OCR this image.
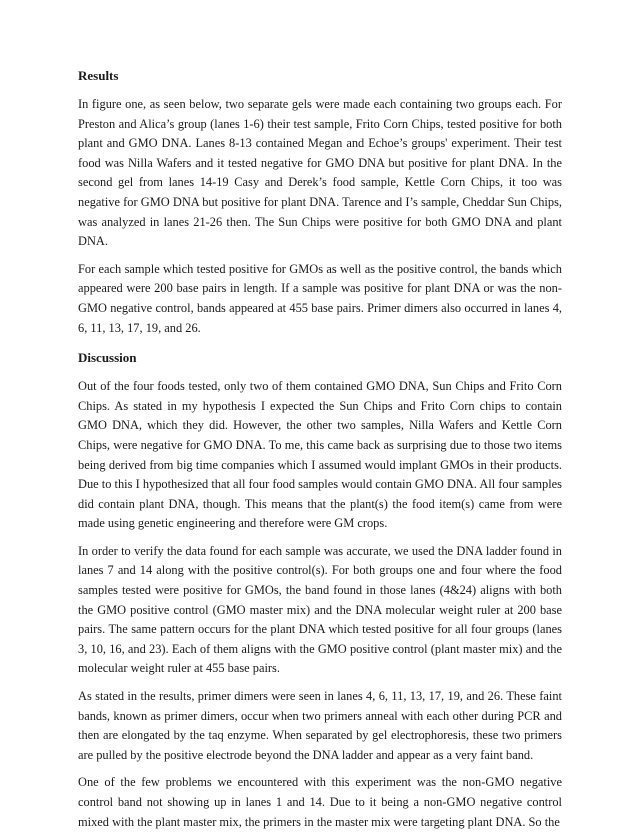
Results

In figure one, as seen below, two separate gels were made each containing two groups each. For Preston and Alica’s group (lanes 1-6) their test sample, Frito Corn Chips, tested positive for both plant and GMO DNA. Lanes 8-13 contained Megan and Echoe’s groups' experiment. Their test food was Nilla Wafers and it tested negative for GMO DNA but positive for plant DNA. In the second gel from lanes 14-19 Casy and Derek’s food sample, Kettle Corn Chips, it too was negative for GMO DNA but positive for plant DNA. Tarence and I’s sample, Cheddar Sun Chips, was analyzed in lanes 21-26 then. The Sun Chips were positive for both GMO DNA and plant DNA.

For each sample which tested positive for GMOs as well as the positive control, the bands which appeared were 200 base pairs in length. If a sample was positive for plant DNA or was the non-GMO negative control, bands appeared at 455 base pairs. Primer dimers also occurred in lanes 4, 6, 11, 13, 17, 19, and 26.

Discussion

Out of the four foods tested, only two of them contained GMO DNA, Sun Chips and Frito Corn Chips. As stated in my hypothesis I expected the Sun Chips and Frito Corn chips to contain GMO DNA, which they did. However, the other two samples, Nilla Wafers and Kettle Corn Chips, were negative for GMO DNA. To me, this came back as surprising due to those two items being derived from big time companies which I assumed would implant GMOs in their products. Due to this I hypothesized that all four food samples would contain GMO DNA. All four samples did contain plant DNA, though. This means that the plant(s) the food item(s) came from were made using genetic engineering and therefore were GM crops.

In order to verify the data found for each sample was accurate, we used the DNA ladder found in lanes 7 and 14 along with the positive control(s). For both groups one and four where the food samples tested were positive for GMOs, the band found in those lanes (4&24) aligns with both the GMO positive control (GMO master mix) and the DNA molecular weight ruler at 200 base pairs. The same pattern occurs for the plant DNA which tested positive for all four groups (lanes 3, 10, 16, and 23). Each of them aligns with the GMO positive control (plant master mix) and the molecular weight ruler at 455 base pairs.

As stated in the results, primer dimers were seen in lanes 4, 6, 11, 13, 17, 19, and 26. These faint bands, known as primer dimers, occur when two primers anneal with each other during PCR and then are elongated by the taq enzyme. When separated by gel electrophoresis, these two primers are pulled by the positive electrode beyond the DNA ladder and appear as a very faint band.

One of the few problems we encountered with this experiment was the non-GMO negative control band not showing up in lanes 1 and 14. Due to it being a non-GMO negative control mixed with the plant master mix, the primers in the master mix were targeting plant DNA. So the
